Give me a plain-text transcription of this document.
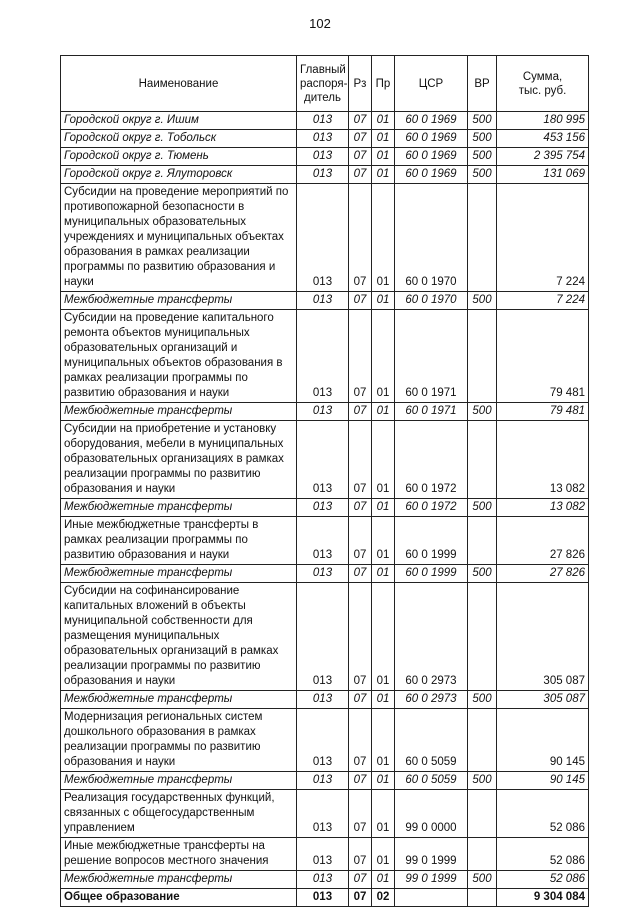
102
Наименование	Главный
распоря-
дитель	Рз	Пр	ЦСР	ВР	Сумма,
тыс. руб.
Городской округ г. Ишим	013	07	01	60 0 1969	500	180 995
Городской округ г. Тобольск	013	07	01	60 0 1969	500	453 156
Городской округ г. Тюмень	013	07	01	60 0 1969	500	2 395 754
Городской округ г. Ялуторовск	013	07	01	60 0 1969	500	131 069
Субсидии на проведение мероприятий по противопожарной безопасности в муниципальных образовательных учреждениях и муниципальных объектах образования в рамках реализации программы по развитию образования и науки	013	07	01	60 0 1970		7 224
Межбюджетные трансферты	013	07	01	60 0 1970	500	7 224
Субсидии на проведение капитального ремонта объектов муниципальных образовательных организаций и муниципальных объектов образования в рамках реализации программы по развитию образования и науки	013	07	01	60 0 1971		79 481
Межбюджетные трансферты	013	07	01	60 0 1971	500	79 481
Субсидии на приобретение и установку оборудования, мебели в муниципальных образовательных организациях в рамках реализации программы по развитию образования и науки	013	07	01	60 0 1972		13 082
Межбюджетные трансферты	013	07	01	60 0 1972	500	13 082
Иные межбюджетные трансферты в рамках реализации программы по развитию образования и науки	013	07	01	60 0 1999		27 826
Межбюджетные трансферты	013	07	01	60 0 1999	500	27 826
Субсидии на софинансирование капитальных вложений в объекты муниципальной собственности для размещения муниципальных образовательных организаций в рамках реализации программы по развитию образования и науки	013	07	01	60 0 2973		305 087
Межбюджетные трансферты	013	07	01	60 0 2973	500	305 087
Модернизация региональных систем дошкольного образования в рамках реализации программы по развитию образования и науки	013	07	01	60 0 5059		90 145
Межбюджетные трансферты	013	07	01	60 0 5059	500	90 145
Реализация государственных функций, связанных с общегосударственным управлением	013	07	01	99 0 0000		52 086
Иные межбюджетные трансферты на решение вопросов местного значения	013	07	01	99 0 1999		52 086
Межбюджетные трансферты	013	07	01	99 0 1999	500	52 086
Общее образование	013	07	02			9 304 084
